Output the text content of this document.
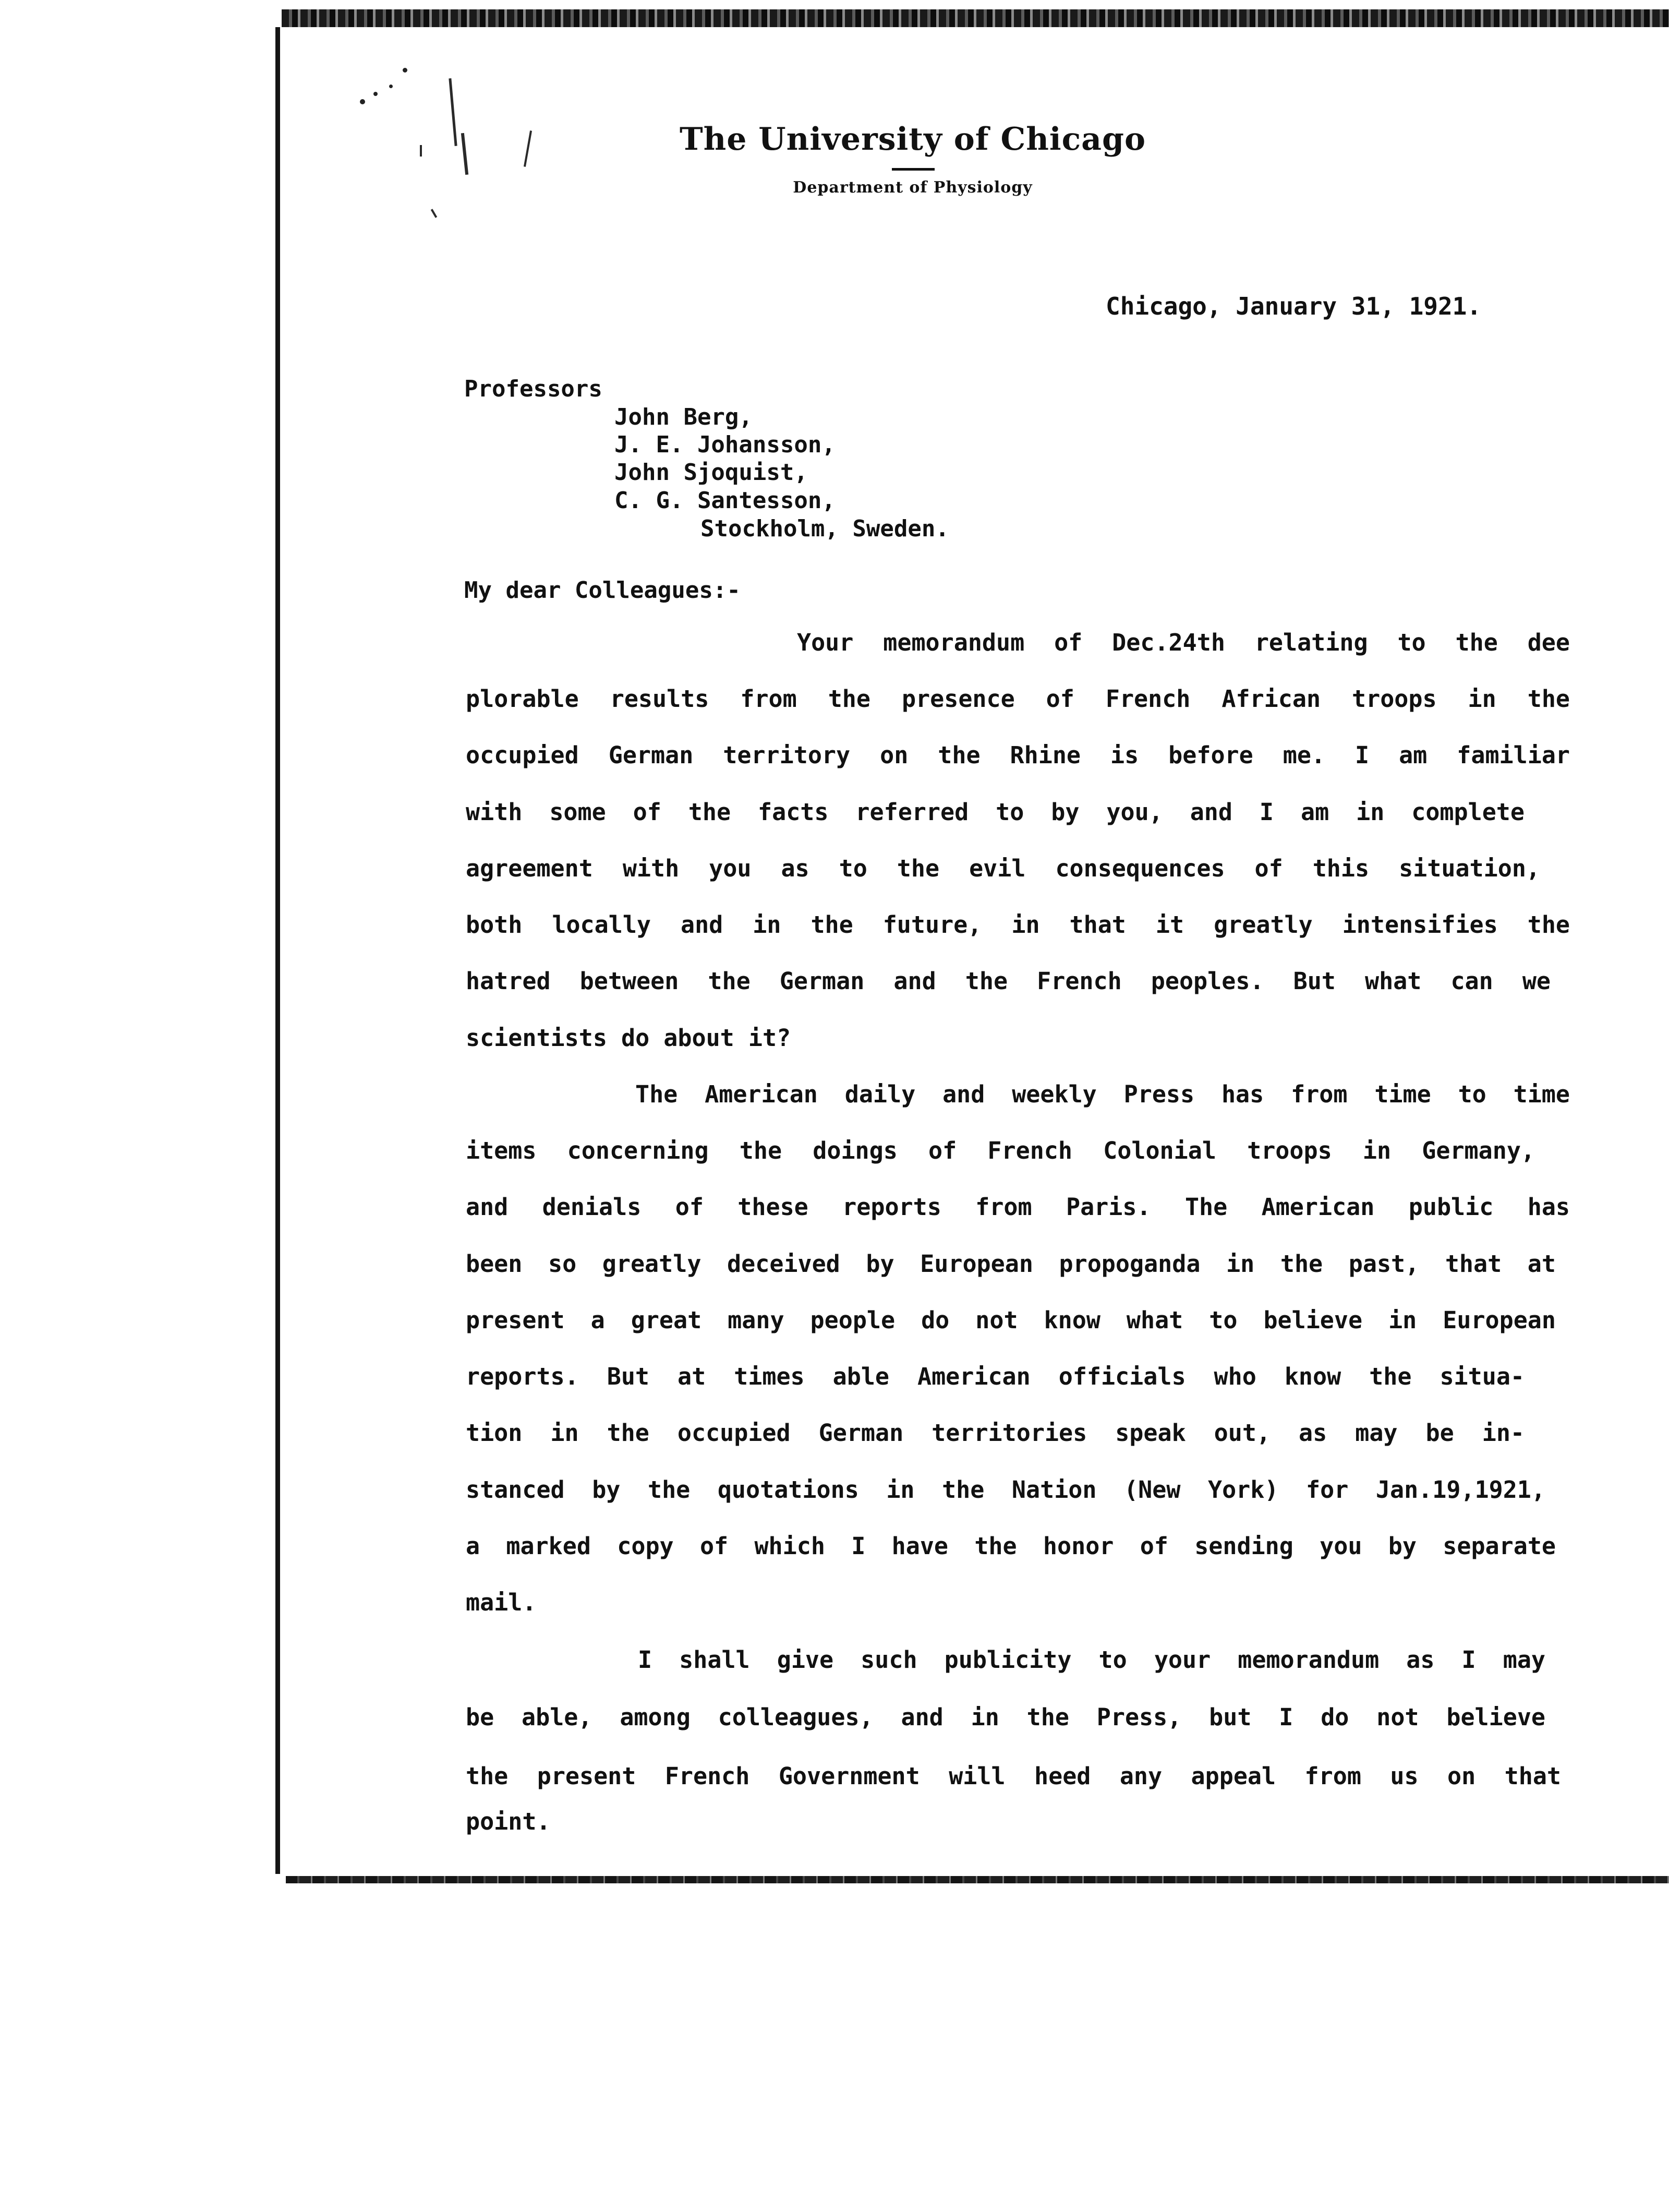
The University of Chicago
Department of Physiology
Chicago, January 31, 1921.
Professors
John Berg,
J. E. Johansson,
John Sjoquist,
C. G. Santesson,
Stockholm, Sweden.
My dear Colleagues:-
Your memorandum of Dec.24th relating to the dee
plorable results from the presence of French African troops in the
occupied German territory on the Rhine is before me. I am familiar
with some of the facts referred to by you, and I am in complete
agreement with you as to the evil consequences of this situation,
both locally and in the future, in that it greatly intensifies the
hatred between the German and the French peoples. But what can we
scientists do about it?
The American daily and weekly Press has from time to time
items concerning the doings of French Colonial troops in Germany,
and denials of these reports from Paris. The American public has
been so greatly deceived by European propoganda in the past, that at
present a great many people do not know what to believe in European
reports. But at times able American officials who know the situa-
tion in the occupied German territories speak out, as may be in-
stanced by the quotations in the Nation (New York) for Jan.19,1921,
a marked copy of which I have the honor of sending you by separate
mail.
I shall give such publicity to your memorandum as I may
be able, among colleagues, and in the Press, but I do not believe
the present French Government will heed any appeal from us on that
point.
